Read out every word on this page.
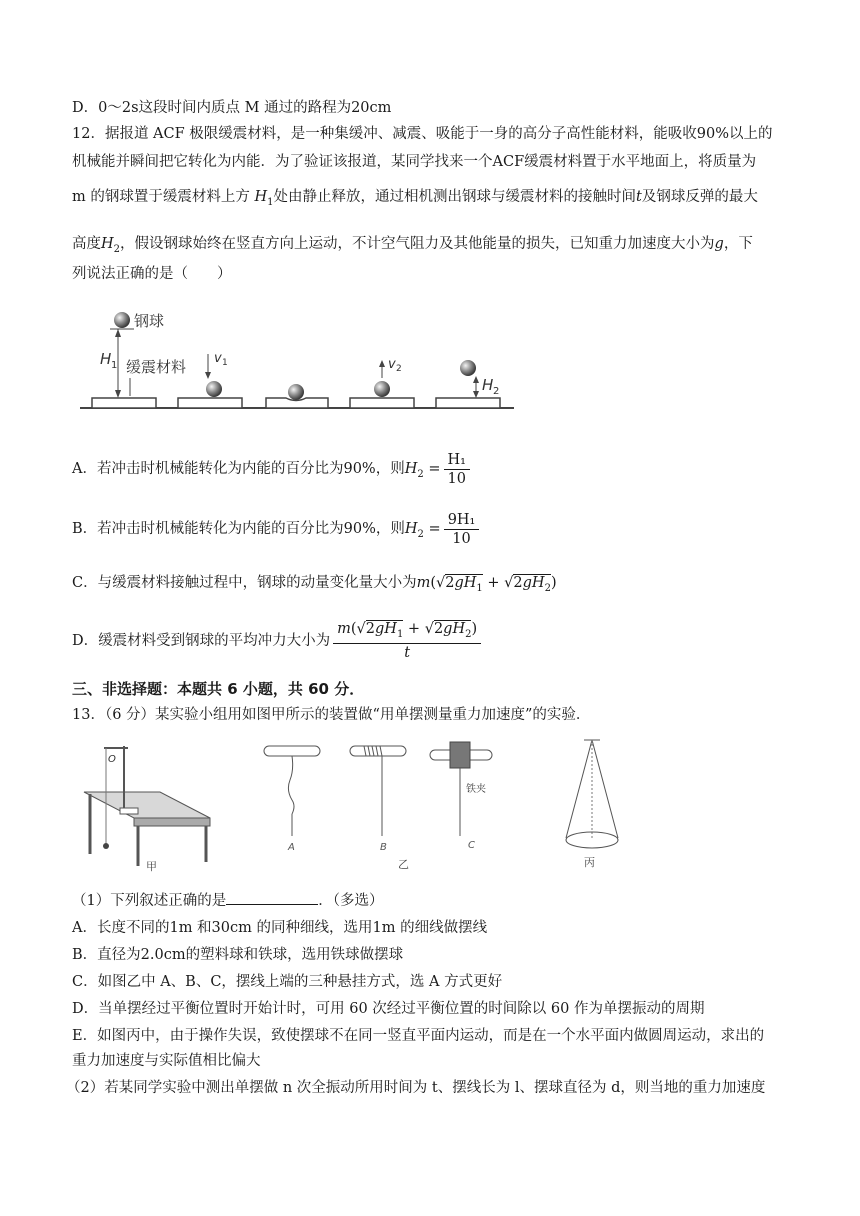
D．0～2s这段时间内质点 M 通过的路程为20cm
12．据报道 ACF 极限缓震材料，是一种集缓冲、减震、吸能于一身的高分子高性能材料，能吸收90%以上的
机械能并瞬间把它转化为内能．为了验证该报道，某同学找来一个ACF缓震材料置于水平地面上，将质量为
m 的钢球置于缓震材料上方 $H_1$处由静止释放，通过相机测出钢球与缓震材料的接触时间t及钢球反弹的最大
高度$H_2$，假设钢球始终在竖直方向上运动，不计空气阻力及其他能量的损失，已知重力加速度大小为g，下
列说法正确的是（　　）
H 1
钢球
缓震材料 v 1	v 2
H 2
A．若冲击时机械能转化为内能的百分比为90%，则$H_2 = \frac{\text{H₁}}{10}$
B．若冲击时机械能转化为内能的百分比为90%，则$H_2 = \frac{\text{9H₁}}{10}$
C．与缓震材料接触过程中，钢球的动量变化量大小为$m(√2gH_1 + √2gH_2)$
D．缓震材料受到钢球的平均冲力大小为 $\frac{m(√2gH_1 + √2gH_2)}{t}$
三、非选择题：本题共 6 小题，共 60 分．
13．（6 分）某实验小组用如图甲所示的装置做“用单摆测量重力加速度”的实验．
O
甲
A	B
乙
铁夹
C
丙
（1）下列叙述正确的是	．（多选）
A．长度不同的1m 和30cm 的同种细线，选用1m 的细线做摆线
B．直径为2.0cm的塑料球和铁球，选用铁球做摆球
C．如图乙中 A、B、C，摆线上端的三种悬挂方式，选 A 方式更好
D．当单摆经过平衡位置时开始计时，可用 60 次经过平衡位置的时间除以 60 作为单摆振动的周期
E．如图丙中，由于操作失误，致使摆球不在同一竖直平面内运动，而是在一个水平面内做圆周运动，求出的
重力加速度与实际值相比偏大
（2）若某同学实验中测出单摆做 n 次全振动所用时间为 t、摆线长为 l、摆球直径为 d，则当地的重力加速度
